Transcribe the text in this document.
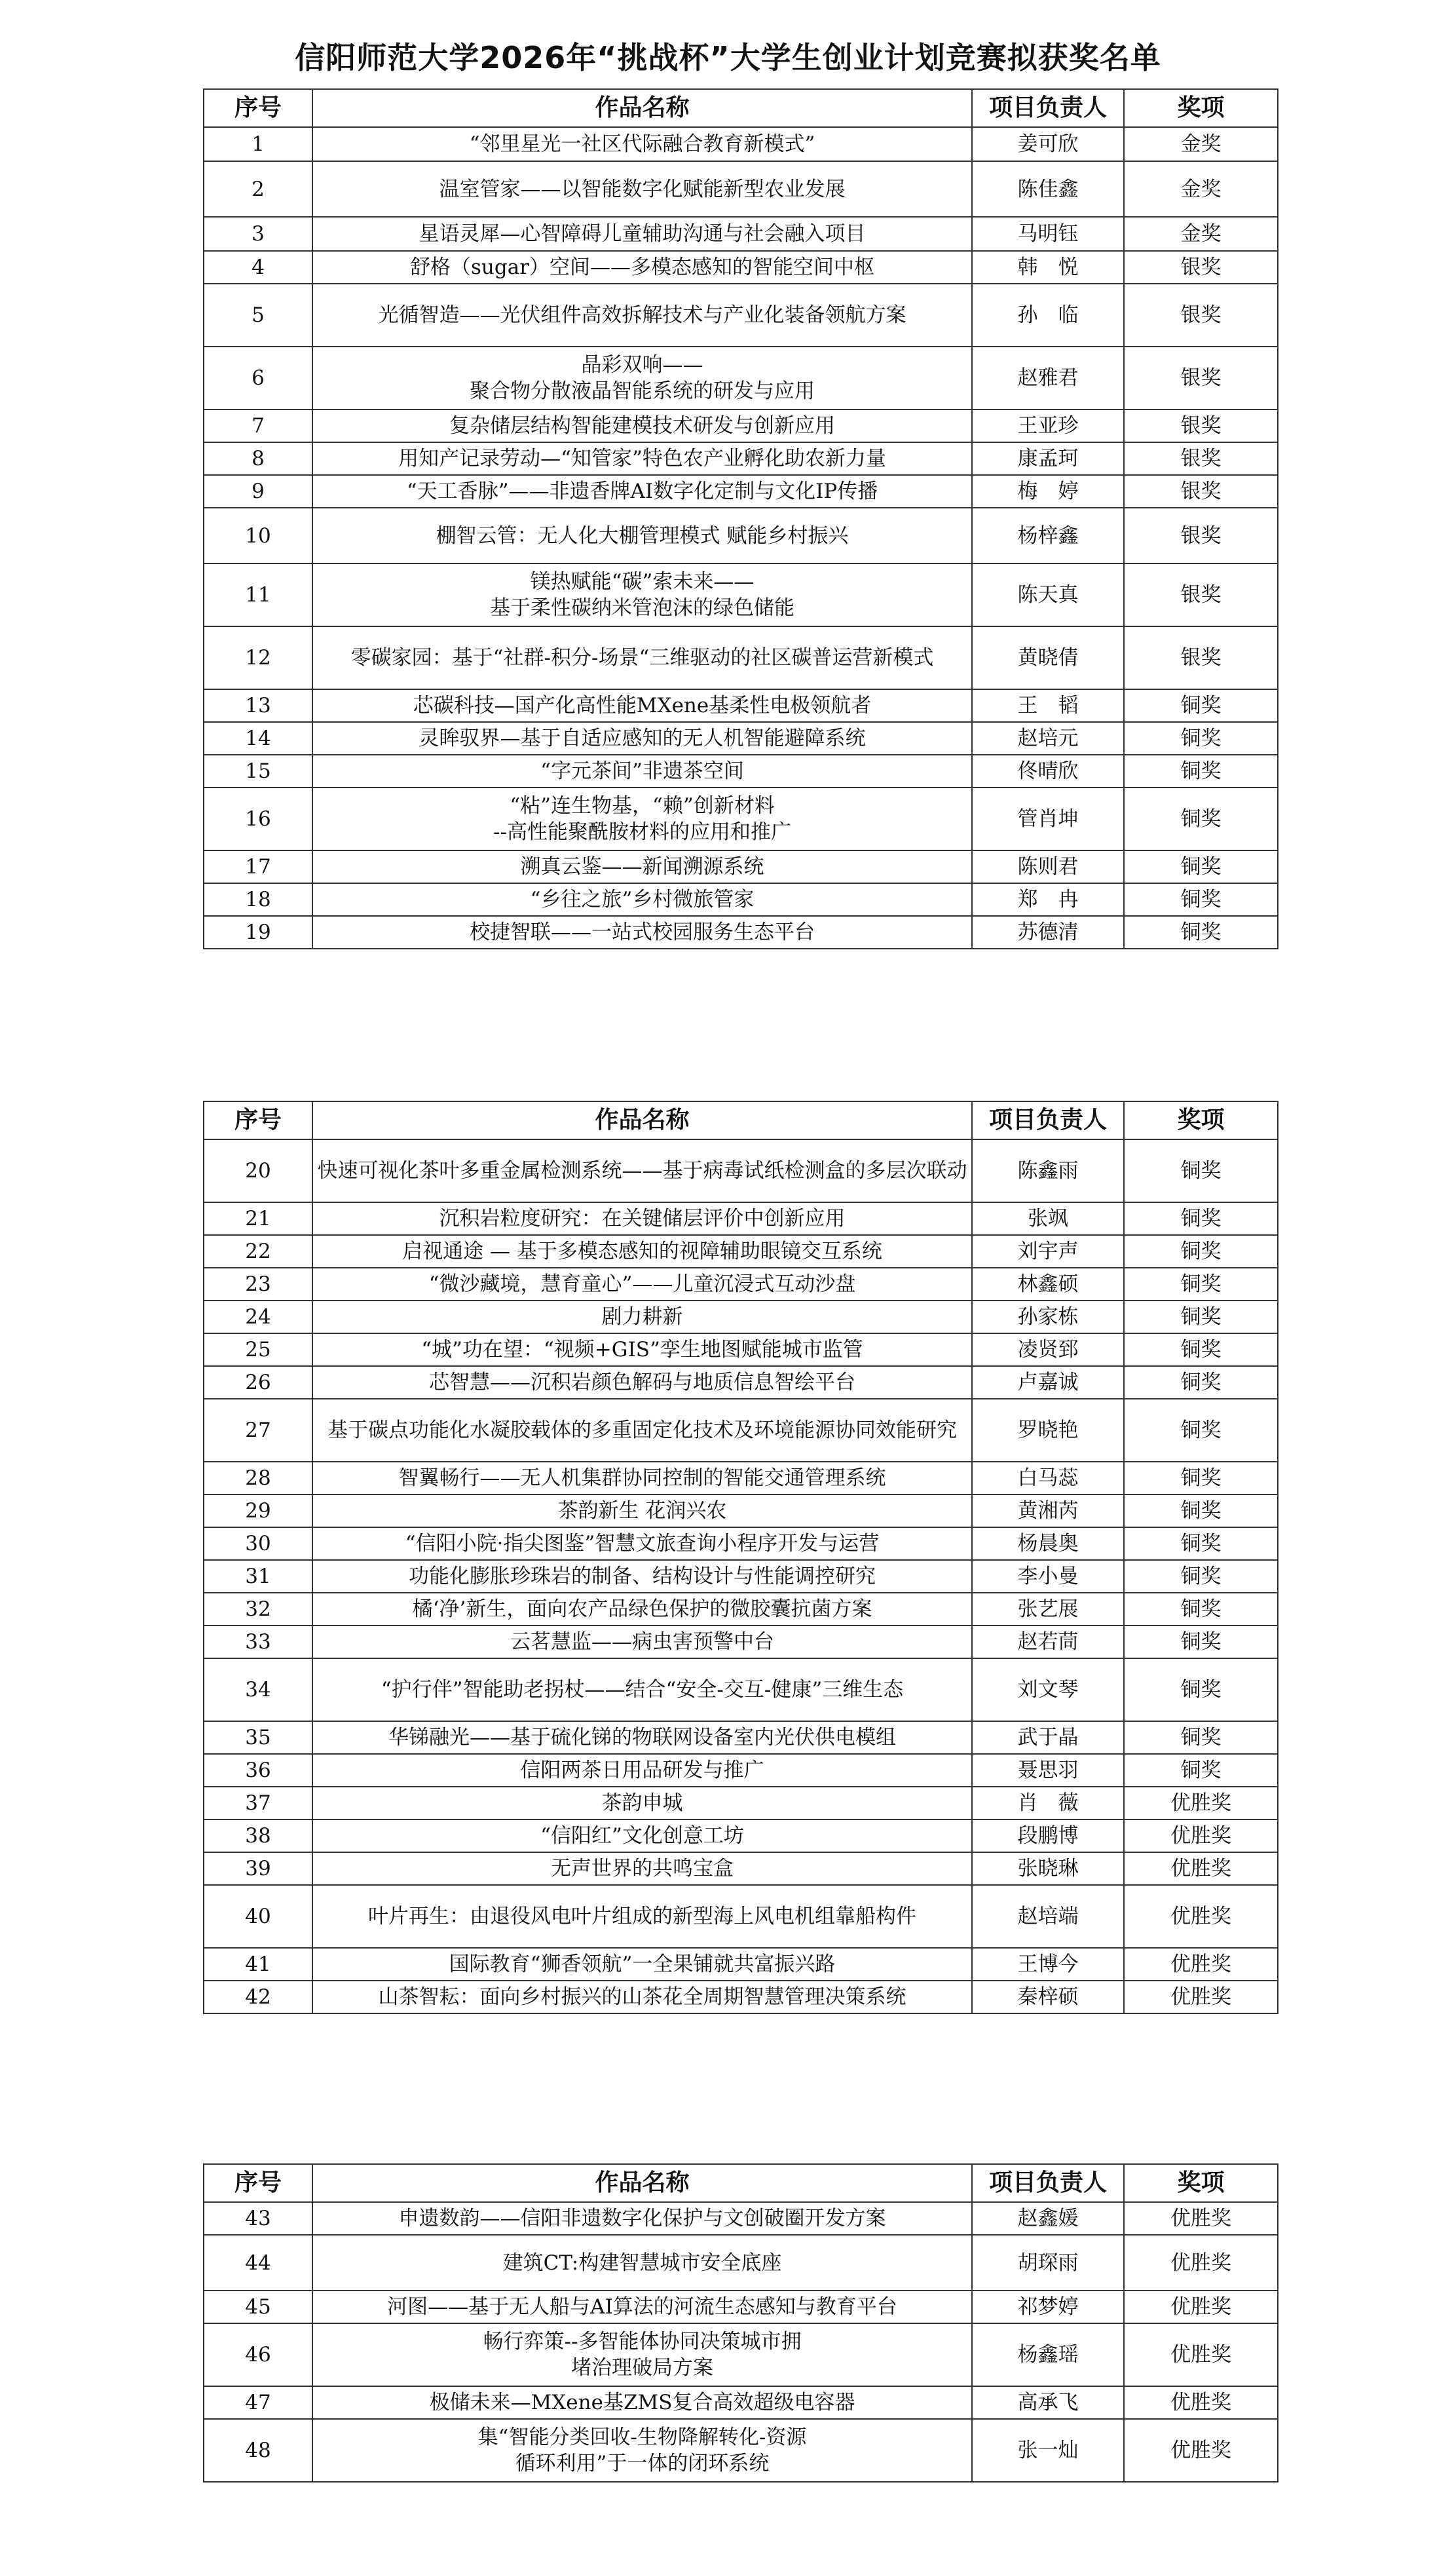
信阳师范大学2026年“挑战杯”大学生创业计划竞赛拟获奖名单
序号	作品名称	项目负责人	奖项
1	“邻里星光一社区代际融合教育新模式”	姜可欣	金奖
2	温室管家——以智能数字化赋能新型农业发展	陈佳鑫	金奖
3	星语灵犀—心智障碍儿童辅助沟通与社会融入项目	马明钰	金奖
4	舒格（sugar）空间——多模态感知的智能空间中枢	韩　悦	银奖
5	光循智造——光伏组件高效拆解技术与产业化装备领航方案	孙　临	银奖
6	晶彩双响——
聚合物分散液晶智能系统的研发与应用	赵雅君	银奖
7	复杂储层结构智能建模技术研发与创新应用	王亚珍	银奖
8	用知产记录劳动—“知管家”特色农产业孵化助农新力量	康孟珂	银奖
9	“天工香脉”——非遗香牌AI数字化定制与文化IP传播	梅　婷	银奖
10	棚智云管：无人化大棚管理模式 赋能乡村振兴	杨梓鑫	银奖
11	镁热赋能“碳”索未来——
基于柔性碳纳米管泡沫的绿色储能	陈天真	银奖
12	零碳家园：基于“社群-积分-场景“三维驱动的社区碳普运营新模式	黄晓倩	银奖
13	芯碳科技—国产化高性能MXene基柔性电极领航者	王　韬	铜奖
14	灵眸驭界—基于自适应感知的无人机智能避障系统	赵培元	铜奖
15	“字元茶间”非遗茶空间	佟晴欣	铜奖
16	“粘”连生物基，“赖”创新材料
--高性能聚酰胺材料的应用和推广	管肖坤	铜奖
17	溯真云鉴——新闻溯源系统	陈则君	铜奖
18	“乡往之旅”乡村微旅管家	郑　冉	铜奖
19	校捷智联——一站式校园服务生态平台	苏德清	铜奖
序号	作品名称	项目负责人	奖项
20	快速可视化茶叶多重金属检测系统——基于病毒试纸检测盒的多层次联动	陈鑫雨	铜奖
21	沉积岩粒度研究：在关键储层评价中创新应用	张飒	铜奖
22	启视通途 — 基于多模态感知的视障辅助眼镜交互系统	刘宇声	铜奖
23	“微沙藏境，慧育童心”——儿童沉浸式互动沙盘	林鑫硕	铜奖
24	剧力耕新	孙家栋	铜奖
25	“城”功在望：“视频+GIS”孪生地图赋能城市监管	凌贤郅	铜奖
26	芯智慧——沉积岩颜色解码与地质信息智绘平台	卢嘉诚	铜奖
27	基于碳点功能化水凝胶载体的多重固定化技术及环境能源协同效能研究	罗晓艳	铜奖
28	智翼畅行——无人机集群协同控制的智能交通管理系统	白马蕊	铜奖
29	茶韵新生 花润兴农	黄湘芮	铜奖
30	“信阳小院·指尖图鉴”智慧文旅查询小程序开发与运营	杨晨奥	铜奖
31	功能化膨胀珍珠岩的制备、结构设计与性能调控研究	李小曼	铜奖
32	橘‘净’新生，面向农产品绿色保护的微胶囊抗菌方案	张艺展	铜奖
33	云茗慧监——病虫害预警中台	赵若茼	铜奖
34	“护行伴”智能助老拐杖——结合“安全-交互-健康”三维生态	刘文琴	铜奖
35	华锑融光——基于硫化锑的物联网设备室内光伏供电模组	武于晶	铜奖
36	信阳两茶日用品研发与推广	聂思羽	铜奖
37	茶韵申城	肖　薇	优胜奖
38	“信阳红”文化创意工坊	段鹏博	优胜奖
39	无声世界的共鸣宝盒	张晓琳	优胜奖
40	叶片再生：由退役风电叶片组成的新型海上风电机组靠船构件	赵培端	优胜奖
41	国际教育“狮香领航”一全果铺就共富振兴路	王博今	优胜奖
42	山茶智耘：面向乡村振兴的山茶花全周期智慧管理决策系统	秦梓硕	优胜奖
序号	作品名称	项目负责人	奖项
43	申遗数韵——信阳非遗数字化保护与文创破圈开发方案	赵鑫媛	优胜奖
44	建筑CT:构建智慧城市安全底座	胡琛雨	优胜奖
45	河图——基于无人船与AI算法的河流生态感知与教育平台	祁梦婷	优胜奖
46	畅行弈策--多智能体协同决策城市拥
堵治理破局方案	杨鑫瑶	优胜奖
47	极储未来—MXene基ZMS复合高效超级电容器	高承飞	优胜奖
48	集“智能分类回收-生物降解转化-资源
循环利用”于一体的闭环系统	张一灿	优胜奖
